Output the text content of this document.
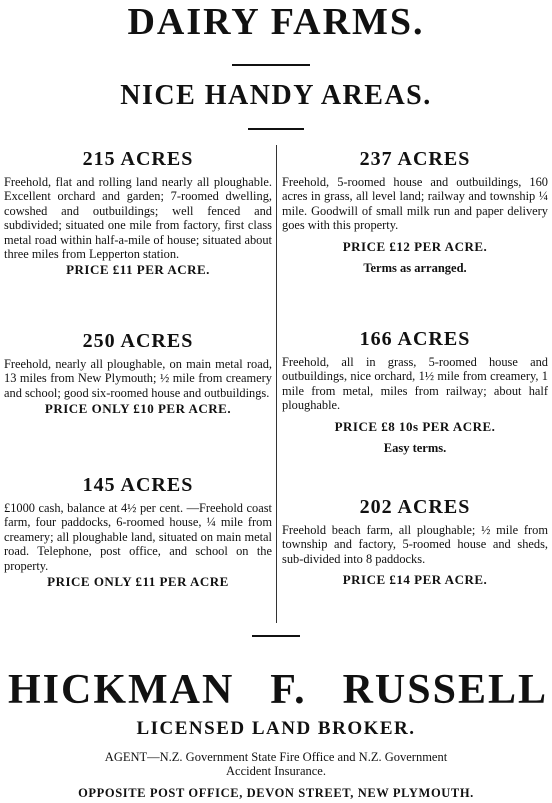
DAIRY FARMS.
NICE HANDY AREAS.
215 ACRES
Freehold, flat and rolling land nearly all ploughable. Excellent orchard and garden; 7-roomed dwelling, cowshed and outbuildings; well fenced and subdivided; situated one mile from factory, first class metal road within half-a-mile of house; situated about three miles from Lepperton station.
PRICE £11 PER ACRE.
250 ACRES
Freehold, nearly all ploughable, on main metal road, 13 miles from New Plymouth; ½ mile from creamery and school; good six-roomed house and outbuildings.
PRICE ONLY £10 PER ACRE.
145 ACRES
£1000 cash, balance at 4½ per cent. —Freehold coast farm, four paddocks, 6-roomed house, ¼ mile from creamery; all ploughable land, situated on main metal road. Telephone, post office, and school on the property.
PRICE ONLY £11 PER ACRE
237 ACRES
Freehold, 5-roomed house and outbuildings, 160 acres in grass, all level land; railway and township ¼ mile. Goodwill of small milk run and paper delivery goes with this property.
PRICE £12 PER ACRE.
Terms as arranged.
166 ACRES
Freehold, all in grass, 5-roomed house and outbuildings, nice orchard, 1½ mile from creamery, 1 mile from metal, miles from railway; about half ploughable.
PRICE £8 10s PER ACRE.
Easy terms.
202 ACRES
Freehold beach farm, all ploughable; ½ mile from township and factory, 5-roomed house and sheds, sub-divided into 8 paddocks.
PRICE £14 PER ACRE.
HICKMAN F. RUSSELL
LICENSED LAND BROKER.
AGENT—N.Z. Government State Fire Office and N.Z. Government
Accident Insurance.
OPPOSITE POST OFFICE, DEVON STREET, NEW PLYMOUTH.
